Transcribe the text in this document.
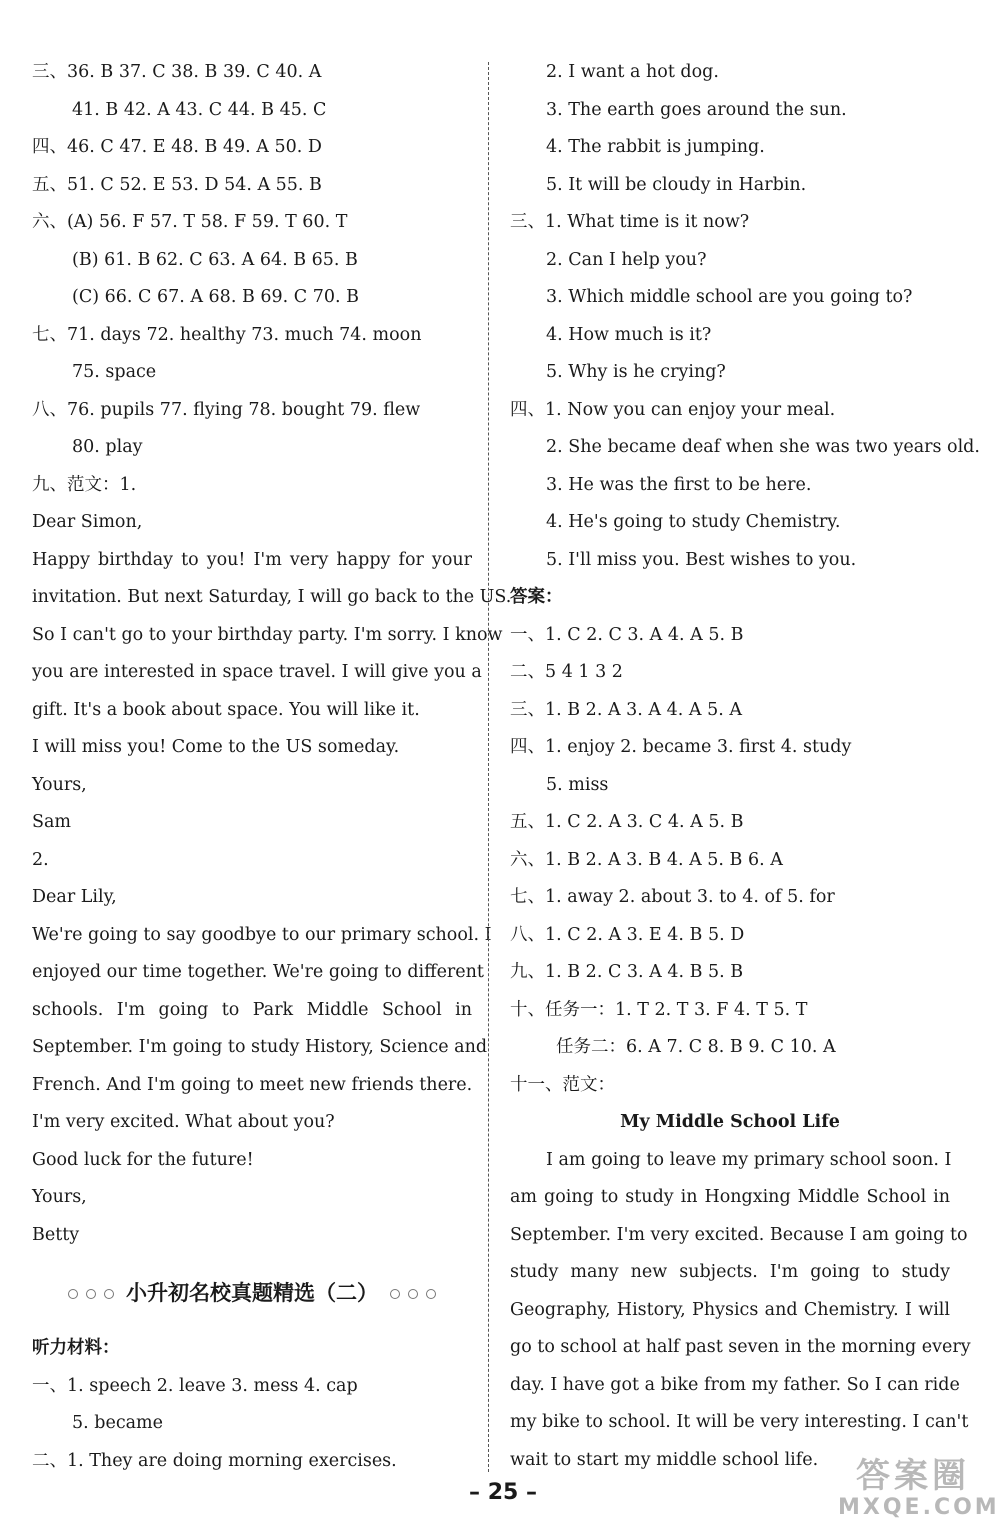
三、36. B 37. C 38. B 39. C 40. A
41. B 42. A 43. C 44. B 45. C
四、46. C 47. E 48. B 49. A 50. D
五、51. C 52. E 53. D 54. A 55. B
六、(A) 56. F 57. T 58. F 59. T 60. T
(B) 61. B 62. C 63. A 64. B 65. B
(C) 66. C 67. A 68. B 69. C 70. B
七、71. days 72. healthy 73. much 74. moon
75. space
八、76. pupils 77. flying 78. bought 79. flew
80. play
九、范文：1.
Dear Simon,
Happy birthday to you! I'm very happy for your
invitation. But next Saturday, I will go back to the US.
So I can't go to your birthday party. I'm sorry. I know
you are interested in space travel. I will give you a
gift. It's a book about space. You will like it.
I will miss you! Come to the US someday.
Yours,
Sam
2.
Dear Lily,
We're going to say goodbye to our primary school. I
enjoyed our time together. We're going to different
schools. I'm going to Park Middle School in
September. I'm going to study History, Science and
French. And I'm going to meet new friends there.
I'm very excited. What about you?
Good luck for the future!
Yours,
Betty
小升初名校真题精选（二）
听力材料：
一、1. speech 2. leave 3. mess 4. cap
5. became
二、1. They are doing morning exercises.
2. I want a hot dog.
3. The earth goes around the sun.
4. The rabbit is jumping.
5. It will be cloudy in Harbin.
三、1. What time is it now?
2. Can I help you?
3. Which middle school are you going to?
4. How much is it?
5. Why is he crying?
四、1. Now you can enjoy your meal.
2. She became deaf when she was two years old.
3. He was the first to be here.
4. He's going to study Chemistry.
5. I'll miss you. Best wishes to you.
答案：
一、1. C 2. C 3. A 4. A 5. B
二、5 4 1 3 2
三、1. B 2. A 3. A 4. A 5. A
四、1. enjoy 2. became 3. first 4. study
5. miss
五、1. C 2. A 3. C 4. A 5. B
六、1. B 2. A 3. B 4. A 5. B 6. A
七、1. away 2. about 3. to 4. of 5. for
八、1. C 2. A 3. E 4. B 5. D
九、1. B 2. C 3. A 4. B 5. B
十、任务一：1. T 2. T 3. F 4. T 5. T
任务二：6. A 7. C 8. B 9. C 10. A
十一、范文：
My Middle School Life
I am going to leave my primary school soon. I
am going to study in Hongxing Middle School in
September. I'm very excited. Because I am going to
study many new subjects. I'm going to study
Geography, History, Physics and Chemistry. I will
go to school at half past seven in the morning every
day. I have got a bike from my father. So I can ride
my bike to school. It will be very interesting. I can't
wait to start my middle school life.
– 25 –	答案圈
MXQE.COM
